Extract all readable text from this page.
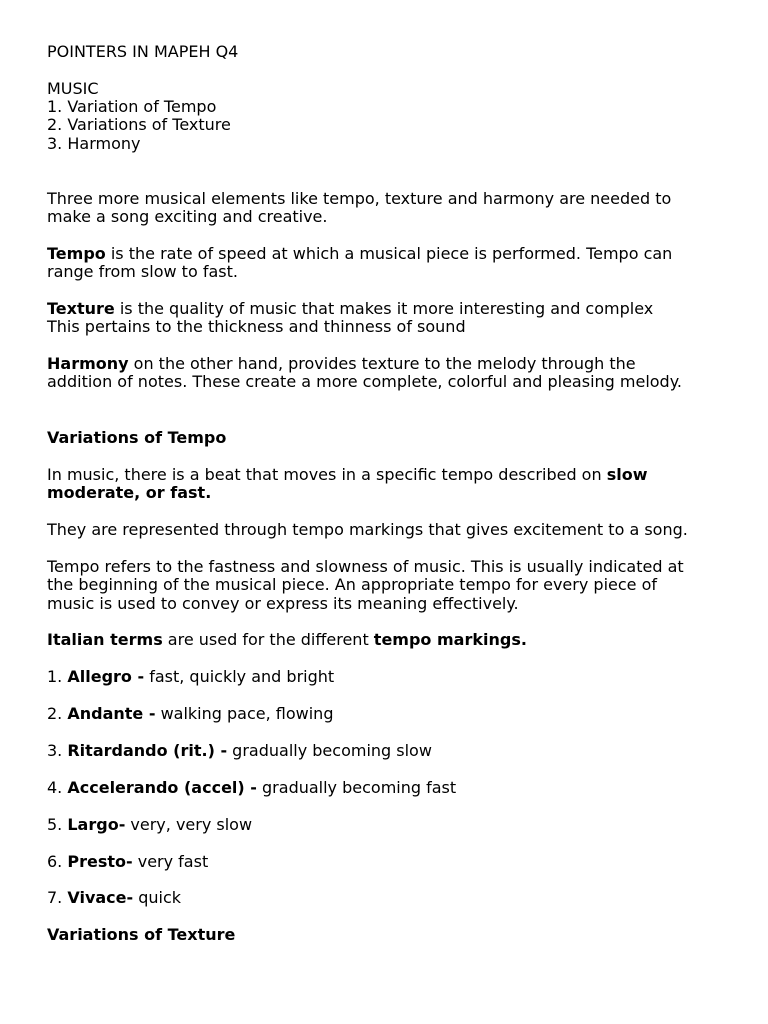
POINTERS IN MAPEH Q4

MUSIC

1. Variation of Tempo

2. Variations of Texture

3. Harmony

Three more musical elements like tempo, texture and harmony are needed to
make a song exciting and creative.
Tempo is the rate of speed at which a musical piece is performed. Tempo can
range from slow to fast.
Texture is the quality of music that makes it more interesting and complex
This pertains to the thickness and thinness of sound
Harmony on the other hand, provides texture to the melody through the
addition of notes. These create a more complete, colorful and pleasing melody.

Variations of Tempo

In music, there is a beat that moves in a specific tempo described on slow
moderate, or fast.

They are represented through tempo markings that gives excitement to a song.

Tempo refers to the fastness and slowness of music. This is usually indicated at
the beginning of the musical piece. An appropriate tempo for every piece of
music is used to convey or express its meaning effectively.

Italian terms are used for the different tempo markings.

1. Allegro - fast, quickly and bright

2. Andante - walking pace, flowing

3. Ritardando (rit.) - gradually becoming slow

4. Accelerando (accel) - gradually becoming fast

5. Largo- very, very slow

6. Presto- very fast

7. Vivace- quick

Variations of Texture
